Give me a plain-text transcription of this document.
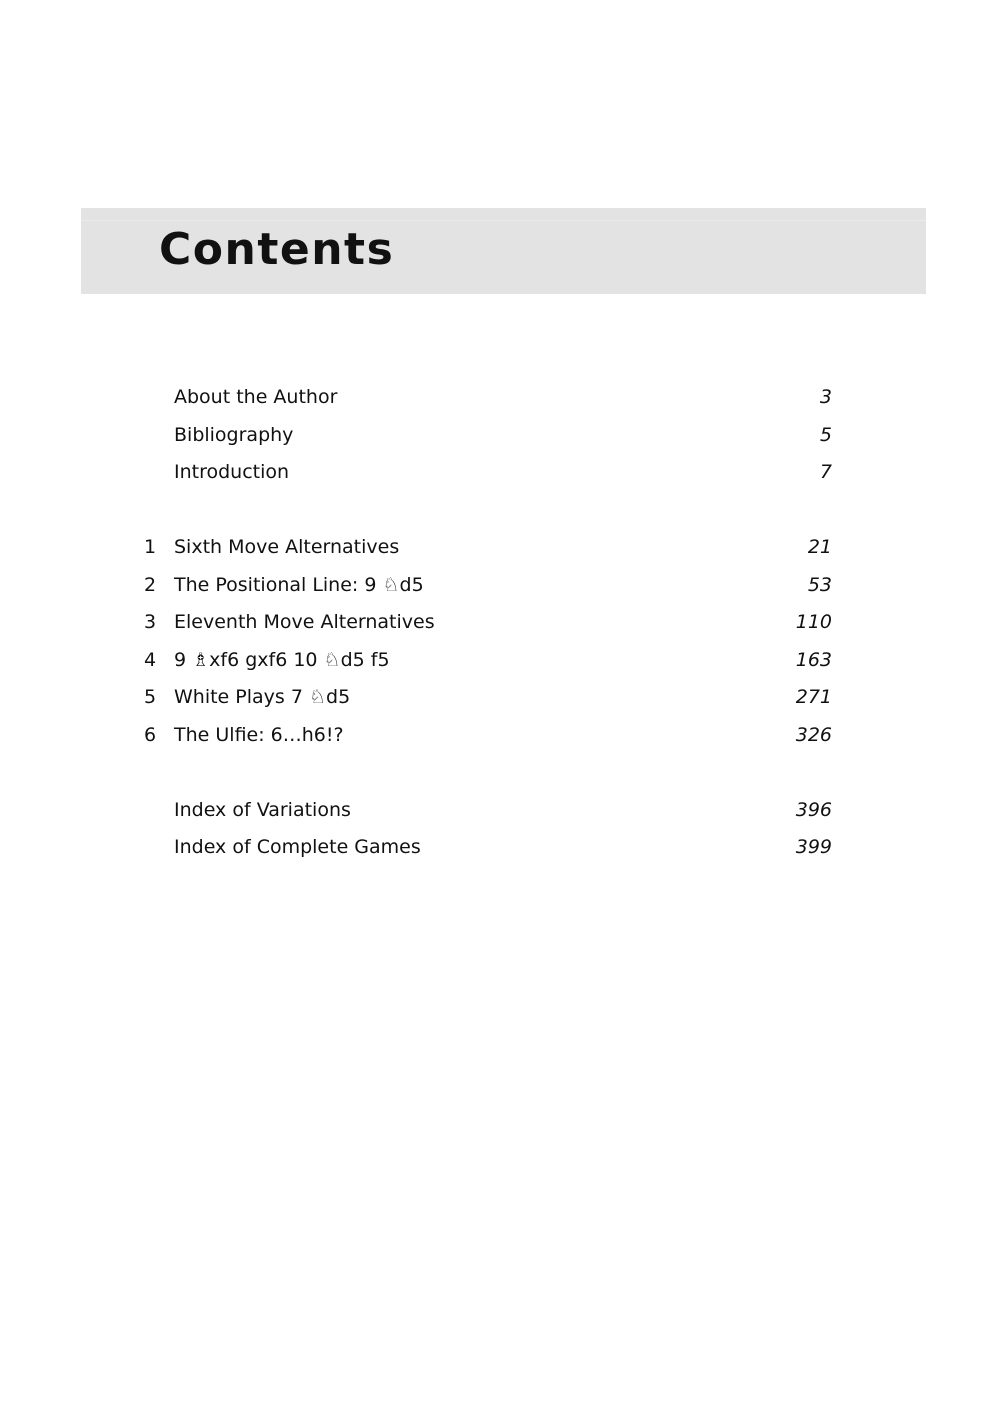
Contents
About the Author	3
Bibliography	5
Introduction	7
1 Sixth Move Alternatives	21
2 The Positional Line: 9 ♘d5	53
3 Eleventh Move Alternatives	110
4 9 ♗xf6 gxf6 10 ♘d5 f5	163
5 White Plays 7 ♘d5	271
6 The Ulfie: 6…h6!?	326
Index of Variations	396
Index of Complete Games	399
